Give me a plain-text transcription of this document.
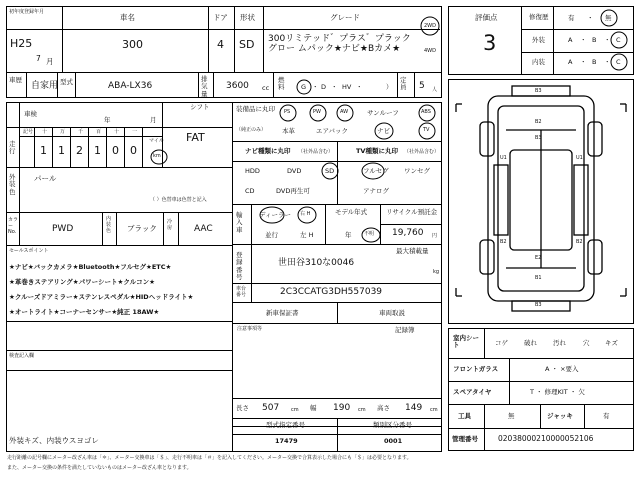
初年度登録年月
車名	ドア 形状	グレード
H25
7 月
300	4 SD 300リミテッド゛プラス゛プラックグロー ムパック★ナビ★Bカメ★
2WD
4WD
車歴
自家用 型式	ABA-LX36
排気量
3600 cc
燃料	G ・ D ・ HV ・	）
定員	5 人
評価点
3
修復歴	有 ・ 無
外装	A ・ B ・ C
内装	A ・ B ・ C
車検
年	月
シフト
FAT
走行
記号 十	万	千	百	十	一
1 1 2 1 0 0
マイル
km
外装色
パール
（ ）色替車は色替と記入
カラーNo.	PWD
内装色	ブラック
冷房	AAC
セールスポイント
★ナビ★バックカメラ★Bluetooth★フルセグ★ETC★
★革巻きステアリング★パワーシート★クルコン★
★クルーズドアミラー★ステンレスペダル★HIDヘッドライト★
★オートライト★コーナーセンサー★純正 18AW★
検査記入欄
外装キズ、内装ウスヨゴレ
装備品に丸印
（純正のみ）
PS	PW	AW	サンルーフ	ABS
本革	エアバック	ナビ	TV
ナビ種類に丸印 （社外品含む）
HDD	DVD	SD
CD	DVD再生可
TV種類に丸印 （社外品含む）
フルセグ ワンセグ
アナログ
輸入車
ディーラー 右 H
並行	左 H
モデル年式
年	不明
リサイクル預託金
19,760 円
最大積載量
kg
登録番号
世田谷310な0046
車台番号	2C3CCATG3DH557039
新車保証書	車両取説
注意事項等	記録簿
長さ 507 cm 幅 190 cm 高さ 149 cm
型式指定番号
17479
類別区分番号
0001
B3
B3
U1	U1
B2	B2
B1
B2
B3
E2
室内シート	コゲ 破れ 汚れ	穴 キズ
フロントガラス	A ・ ×要入
スペアタイヤ	T ・ 修理KIT ・ 欠
工具	無	ジャッキ	有
管理番号	02038000210000052106
走行距離の記号欄にメーター改ざん車は「＊」、メーター交換車は「＄」、走行不明車は「＃」を記入してください。メーター交換で合算表示した場合にも「＄」は必要となります。
また、メーター交換の条件を満たしていないものはメーター改ざん車となります。
